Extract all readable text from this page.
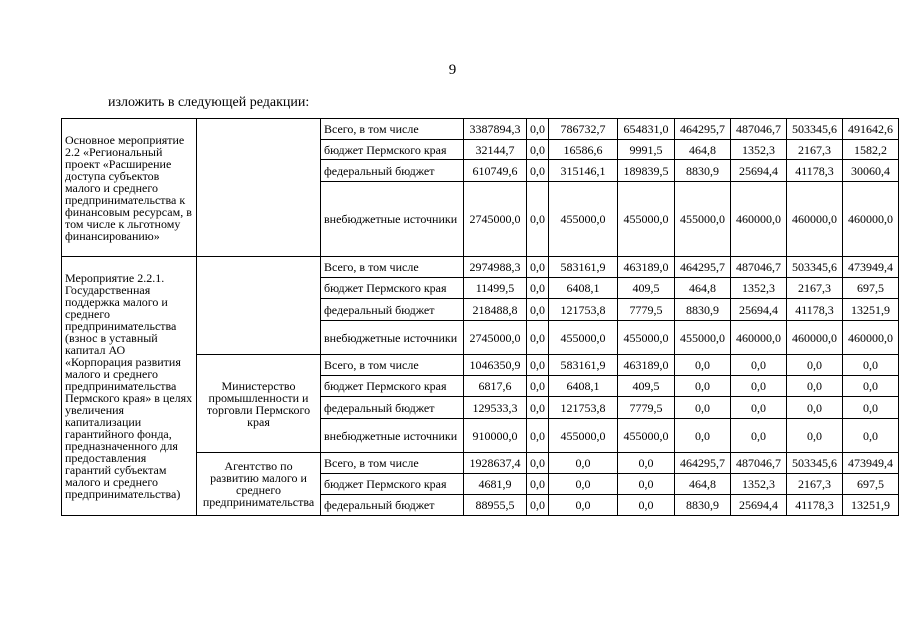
9
изложить в следующей редакции:
Основное мероприятие 2.2 «Региональный проект «Расширение доступа субъектов малого и среднего предпринимательства к финансовым ресурсам, в том числе к льготному финансированию»		Всего, в том числе	3387894,3	0,0	786732,7	654831,0	464295,7	487046,7	503345,6	491642,6
		бюджет Пермского края	32144,7	0,0	16586,6	9991,5	464,8	1352,3	2167,3	1582,2
		федеральный бюджет	610749,6	0,0	315146,1	189839,5	8830,9	25694,4	41178,3	30060,4
		внебюджетные источники	2745000,0	0,0	455000,0	455000,0	455000,0	460000,0	460000,0	460000,0
Мероприятие 2.2.1. Государственная поддержка малого и среднего предпринимательства (взнос в уставный капитал АО «Корпорация развития малого и среднего предпринимательства Пермского края» в целях увеличения капитализации гарантийного фонда, предназначенного для предоставления гарантий субъектам малого и среднего предпринимательства)		Всего, в том числе	2974988,3	0,0	583161,9	463189,0	464295,7	487046,7	503345,6	473949,4
		бюджет Пермского края	11499,5	0,0	6408,1	409,5	464,8	1352,3	2167,3	697,5
		федеральный бюджет	218488,8	0,0	121753,8	7779,5	8830,9	25694,4	41178,3	13251,9
		внебюджетные источники	2745000,0	0,0	455000,0	455000,0	455000,0	460000,0	460000,0	460000,0
	Министерство промышленности и торговли Пермского края	Всего, в том числе	1046350,9	0,0	583161,9	463189,0	0,0	0,0	0,0	0,0
		бюджет Пермского края	6817,6	0,0	6408,1	409,5	0,0	0,0	0,0	0,0
		федеральный бюджет	129533,3	0,0	121753,8	7779,5	0,0	0,0	0,0	0,0
		внебюджетные источники	910000,0	0,0	455000,0	455000,0	0,0	0,0	0,0	0,0
	Агентство по развитию малого и среднего предпринимательства	Всего, в том числе	1928637,4	0,0	0,0	0,0	464295,7	487046,7	503345,6	473949,4
		бюджет Пермского края	4681,9	0,0	0,0	0,0	464,8	1352,3	2167,3	697,5
		федеральный бюджет	88955,5	0,0	0,0	0,0	8830,9	25694,4	41178,3	13251,9
